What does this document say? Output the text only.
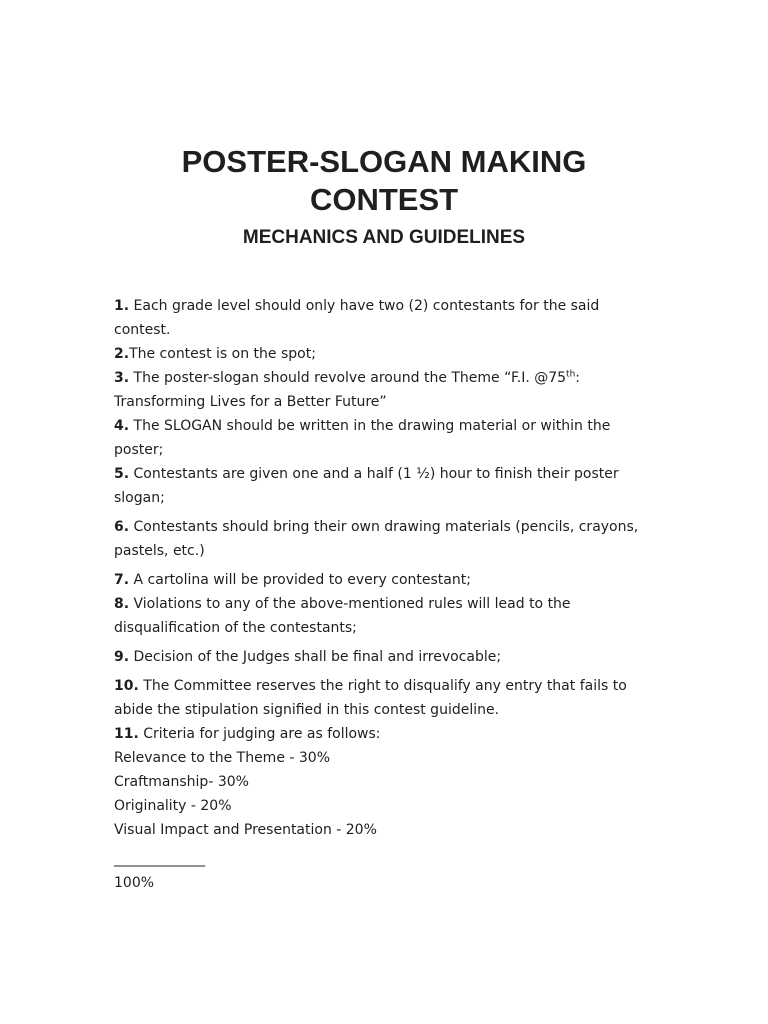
POSTER-SLOGAN MAKING
CONTEST
MECHANICS AND GUIDELINES

1. Each grade level should only have two (2) contestants for the said contest.

2.The contest is on the spot;

3. The poster-slogan should revolve around the Theme “F.I. @75th: Transforming Lives for a Better Future”

4. The SLOGAN should be written in the drawing material or within the poster;

5. Contestants are given one and a half (1 ½) hour to finish their poster slogan;

6. Contestants should bring their own drawing materials (pencils, crayons, pastels, etc.)

7. A cartolina will be provided to every contestant;

8. Violations to any of the above-mentioned rules will lead to the disqualification of the contestants;

9. Decision of the Judges shall be final and irrevocable;

10. The Committee reserves the right to disqualify any entry that fails to abide the stipulation signified in this contest guideline.

11. Criteria for judging are as follows:

Relevance to the Theme - 30%

Craftmanship- 30%

Originality - 20%

Visual Impact and Presentation - 20%

_____________

100%
